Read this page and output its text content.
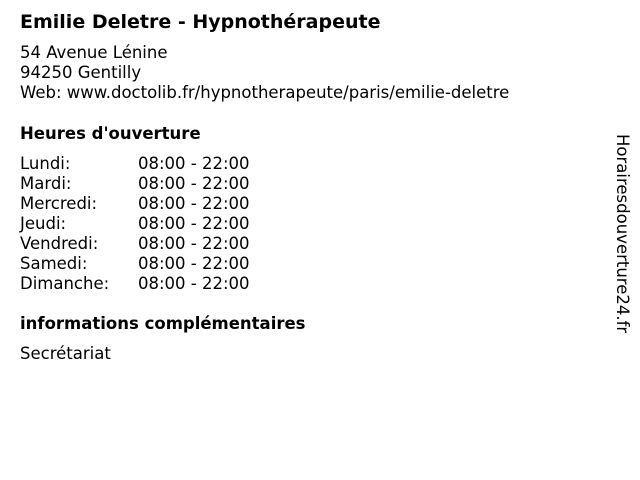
Emilie Deletre - Hypnothérapeute
54 Avenue Lénine
94250 Gentilly
Web: www.doctolib.fr/hypnotherapeute/paris/emilie-deletre
Heures d'ouverture
Lundi:	08:00 - 22:00
Mardi:	08:00 - 22:00
Mercredi: 08:00 - 22:00
Jeudi:	08:00 - 22:00
Vendredi: 08:00 - 22:00
Samedi:	08:00 - 22:00
Dimanche: 08:00 - 22:00
informations complémentaires
Secrétariat
Horairesdouverture24.fr
